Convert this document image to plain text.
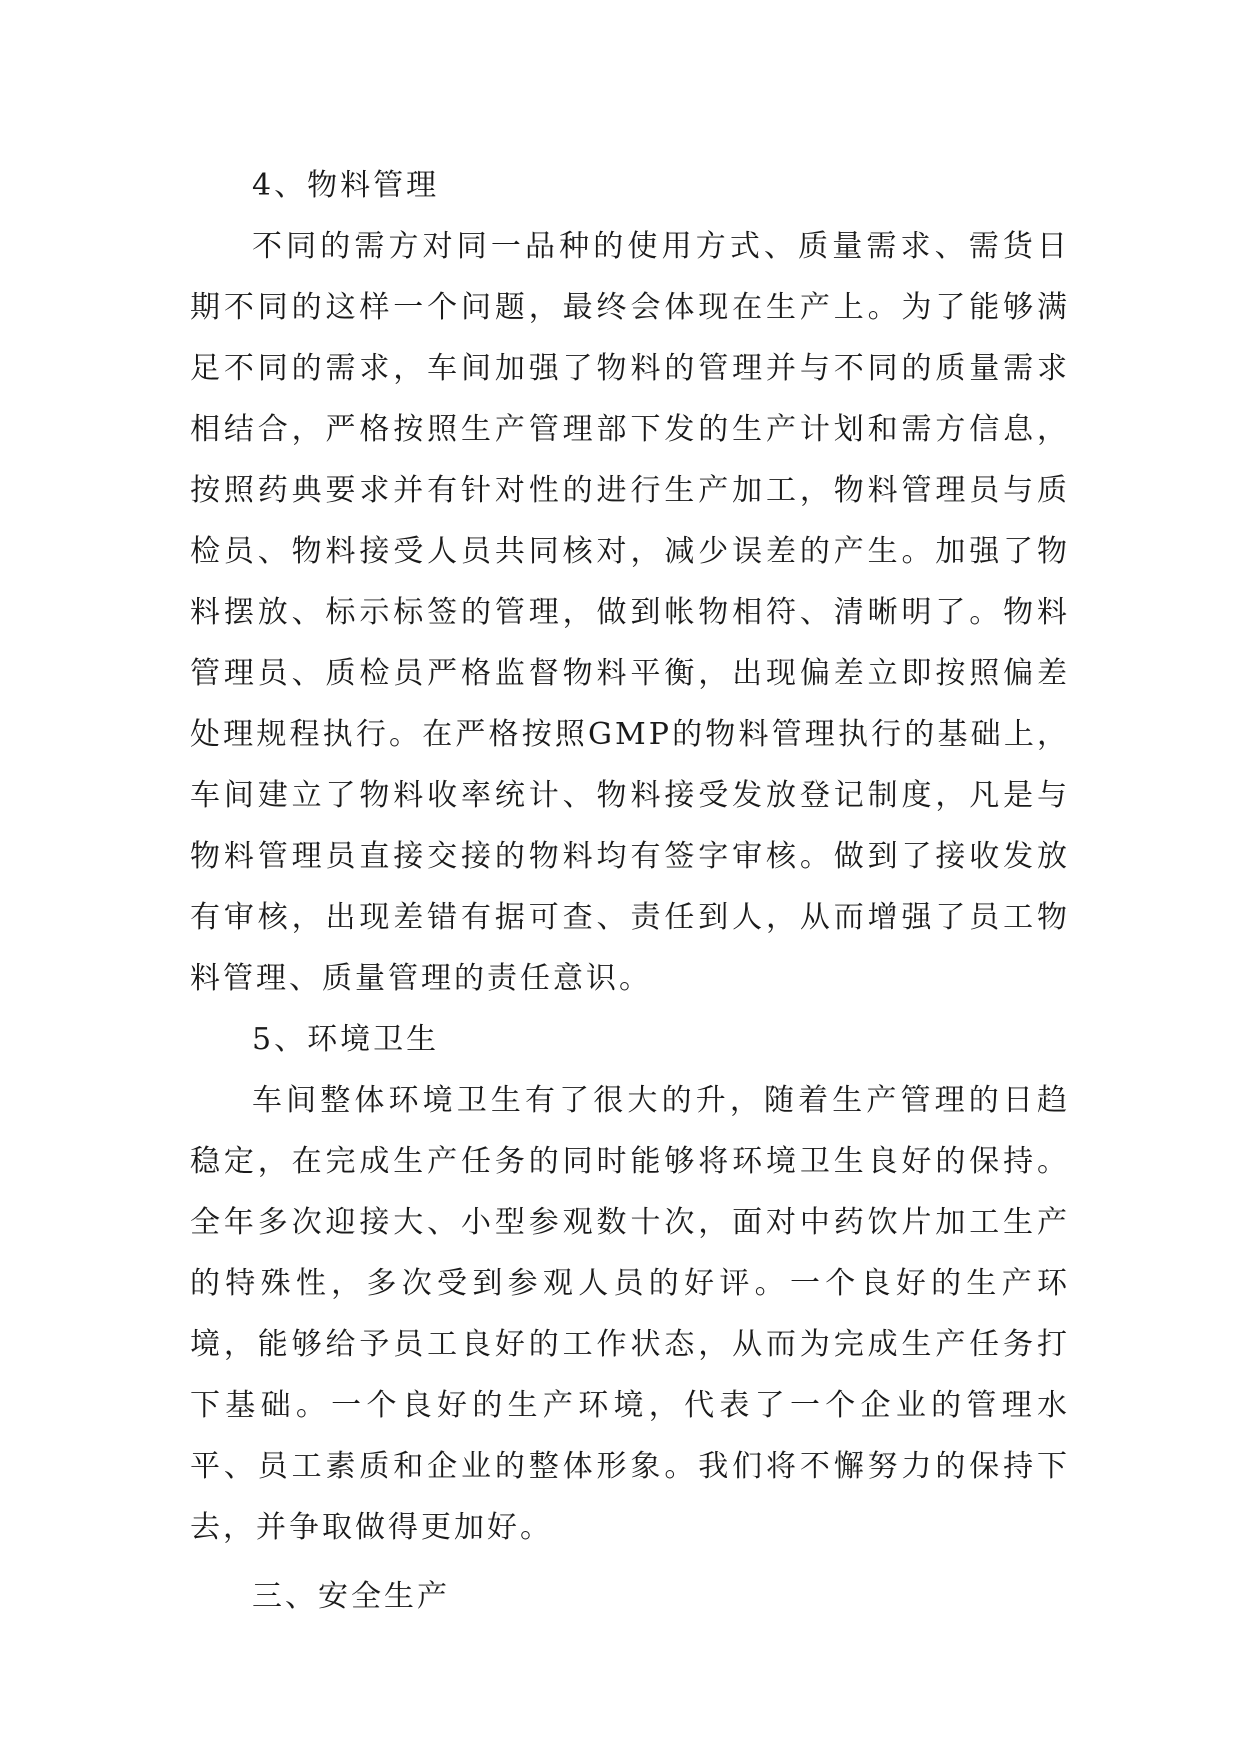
4、物料管理

不同的需方对同一品种的使用方式、质量需求、需货日期不同的这样一个问题，最终会体现在生产上。为了能够满足不同的需求，车间加强了物料的管理并与不同的质量需求相结合，严格按照生产管理部下发的生产计划和需方信息，按照药典要求并有针对性的进行生产加工，物料管理员与质检员、物料接受人员共同核对，减少误差的产生。加强了物料摆放、标示标签的管理，做到帐物相符、清晰明了。物料管理员、质检员严格监督物料平衡，出现偏差立即按照偏差处理规程执行。在严格按照GMP的物料管理执行的基础上，车间建立了物料收率统计、物料接受发放登记制度，凡是与物料管理员直接交接的物料均有签字审核。做到了接收发放有审核，出现差错有据可查、责任到人，从而增强了员工物料管理、质量管理的责任意识。

5、环境卫生

车间整体环境卫生有了很大的升，随着生产管理的日趋稳定，在完成生产任务的同时能够将环境卫生良好的保持。全年多次迎接大、小型参观数十次，面对中药饮片加工生产的特殊性，多次受到参观人员的好评。一个良好的生产环境，能够给予员工良好的工作状态，从而为完成生产任务打下基础。一个良好的生产环境，代表了一个企业的管理水平、员工素质和企业的整体形象。我们将不懈努力的保持下去，并争取做得更加好。

三、安全生产
